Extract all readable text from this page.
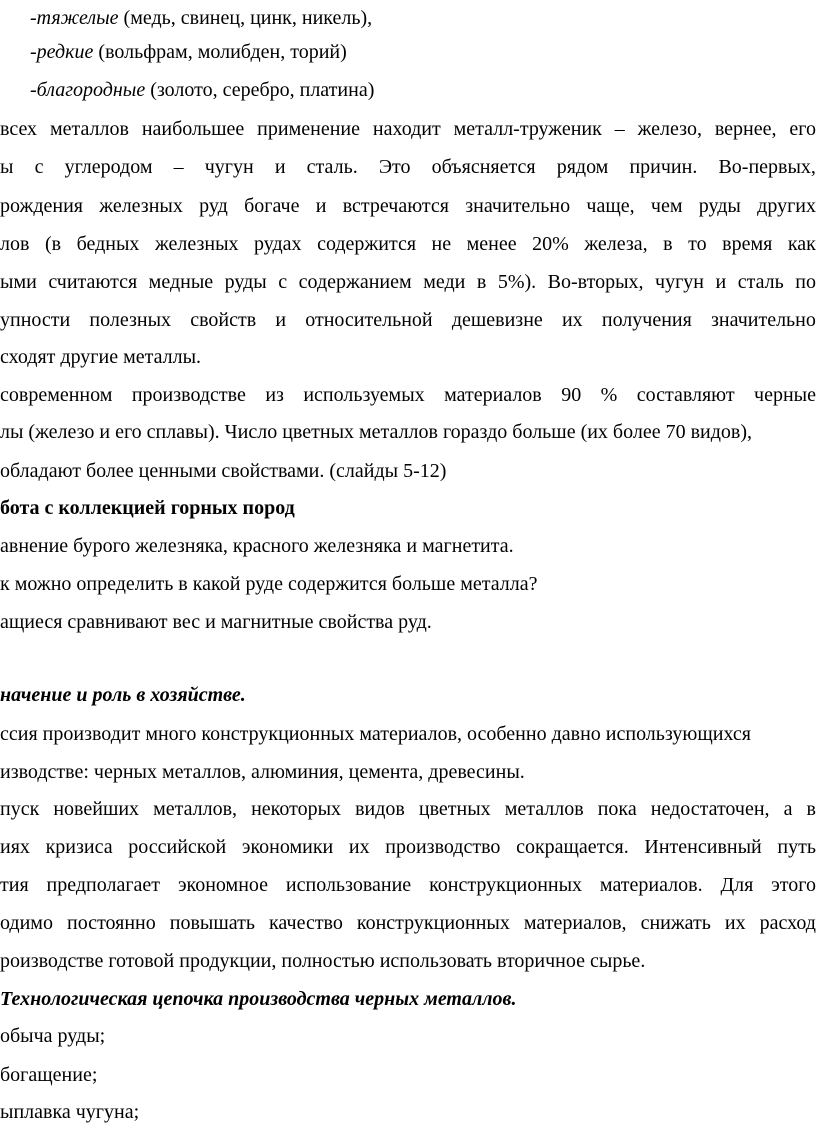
-тяжелые (медь, свинец, цинк, никель),
-редкие (вольфрам, молибден, торий)
-благородные (золото, серебро, платина)
всех металлов наибольшее применение находит металл-труженик – железо, вернее, его
ы с углеродом – чугун и сталь. Это объясняется рядом причин. Во-первых,
рождения железных руд богаче и встречаются значительно чаще, чем руды других
лов (в бедных железных рудах содержится не менее 20% железа, в то время как
ыми считаются медные руды с содержанием меди в 5%). Во-вторых, чугун и сталь по
упности полезных свойств и относительной дешевизне их получения значительно
сходят другие металлы.
современном производстве из используемых материалов 90 % составляют черные
лы (железо и его сплавы). Число цветных металлов гораздо больше (их более 70 видов),
обладают более ценными свойствами. (слайды 5-12)
бота с коллекцией горных пород
авнение бурого железняка, красного железняка и магнетита.
к можно определить в какой руде содержится больше металла?
ащиеся сравнивают вес и магнитные свойства руд.
начение и роль в хозяйстве.
ссия производит много конструкционных материалов, особенно давно использующихся
изводстве: черных металлов, алюминия, цемента, древесины.
пуск новейших металлов, некоторых видов цветных металлов пока недостаточен, а в
иях кризиса российской экономики их производство сокращается. Интенсивный путь
тия предполагает экономное использование конструкционных материалов. Для этого
одимо постоянно повышать качество конструкционных материалов, снижать их расход
роизводстве готовой продукции, полностью использовать вторичное сырье.
Технологическая цепочка производства черных металлов.
обыча руды;
богащение;
ыплавка чугуна;
